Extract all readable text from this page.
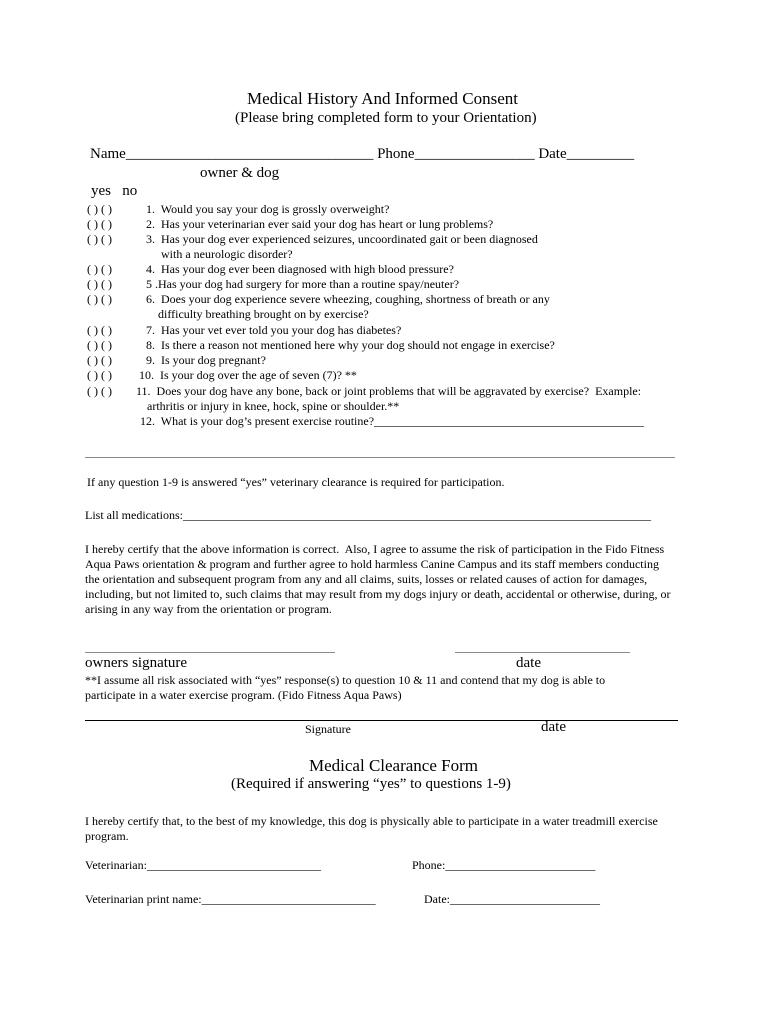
Medical History And Informed Consent
(Please bring completed form to your Orientation)
Name_________________________________ Phone________________ Date_________
owner & dog
yes   no
( ) ( )	1.  Would you say your dog is grossly overweight?
( ) ( )	2.  Has your veterinarian ever said your dog has heart or lung problems?
( ) ( )	3.  Has your dog ever experienced seizures, uncoordinated gait or been diagnosed
with a neurologic disorder?
( ) ( )	4.  Has your dog ever been diagnosed with high blood pressure?
( ) ( )	5 .Has your dog had surgery for more than a routine spay/neuter?
( ) ( )	6.  Does your dog experience severe wheezing, coughing, shortness of breath or any
difficulty breathing brought on by exercise?
( ) ( )	7.  Has your vet ever told you your dog has diabetes?
( ) ( )	8.  Is there a reason not mentioned here why your dog should not engage in exercise?
( ) ( )	9.  Is your dog pregnant?
( ) ( ) 10.  Is your dog over the age of seven (7)? **
( ) ( ) 11.  Does your dog have any bone, back or joint problems that will be aggravated by exercise?  Example:
arthritis or injury in knee, hock, spine or shoulder.**
12.  What is your dog’s present exercise routine?_____________________________________________
If any question 1-9 is answered “yes” veterinary clearance is required for participation.
List all medications:______________________________________________________________________________
I hereby certify that the above information is correct.  Also, I agree to assume the risk of participation in the Fido Fitness
Aqua Paws orientation & program and further agree to hold harmless Canine Campus and its staff members conducting
the orientation and subsequent program from any and all claims, suits, losses or related causes of action for damages,
including, but not limited to, such claims that may result from my dogs injury or death, accidental or otherwise, during, or
arising in any way from the orientation or program.
owners signature	date
**I assume all risk associated with “yes” response(s) to question 10 & 11 and contend that my dog is able to
participate in a water exercise program. (Fido Fitness Aqua Paws)
Signature	date
Medical Clearance Form
(Required if answering “yes” to questions 1-9)
I hereby certify that, to the best of my knowledge, this dog is physically able to participate in a water treadmill exercise
program.
Veterinarian:_____________________________	Phone:_________________________
Veterinarian print name:_____________________________	Date:_________________________
